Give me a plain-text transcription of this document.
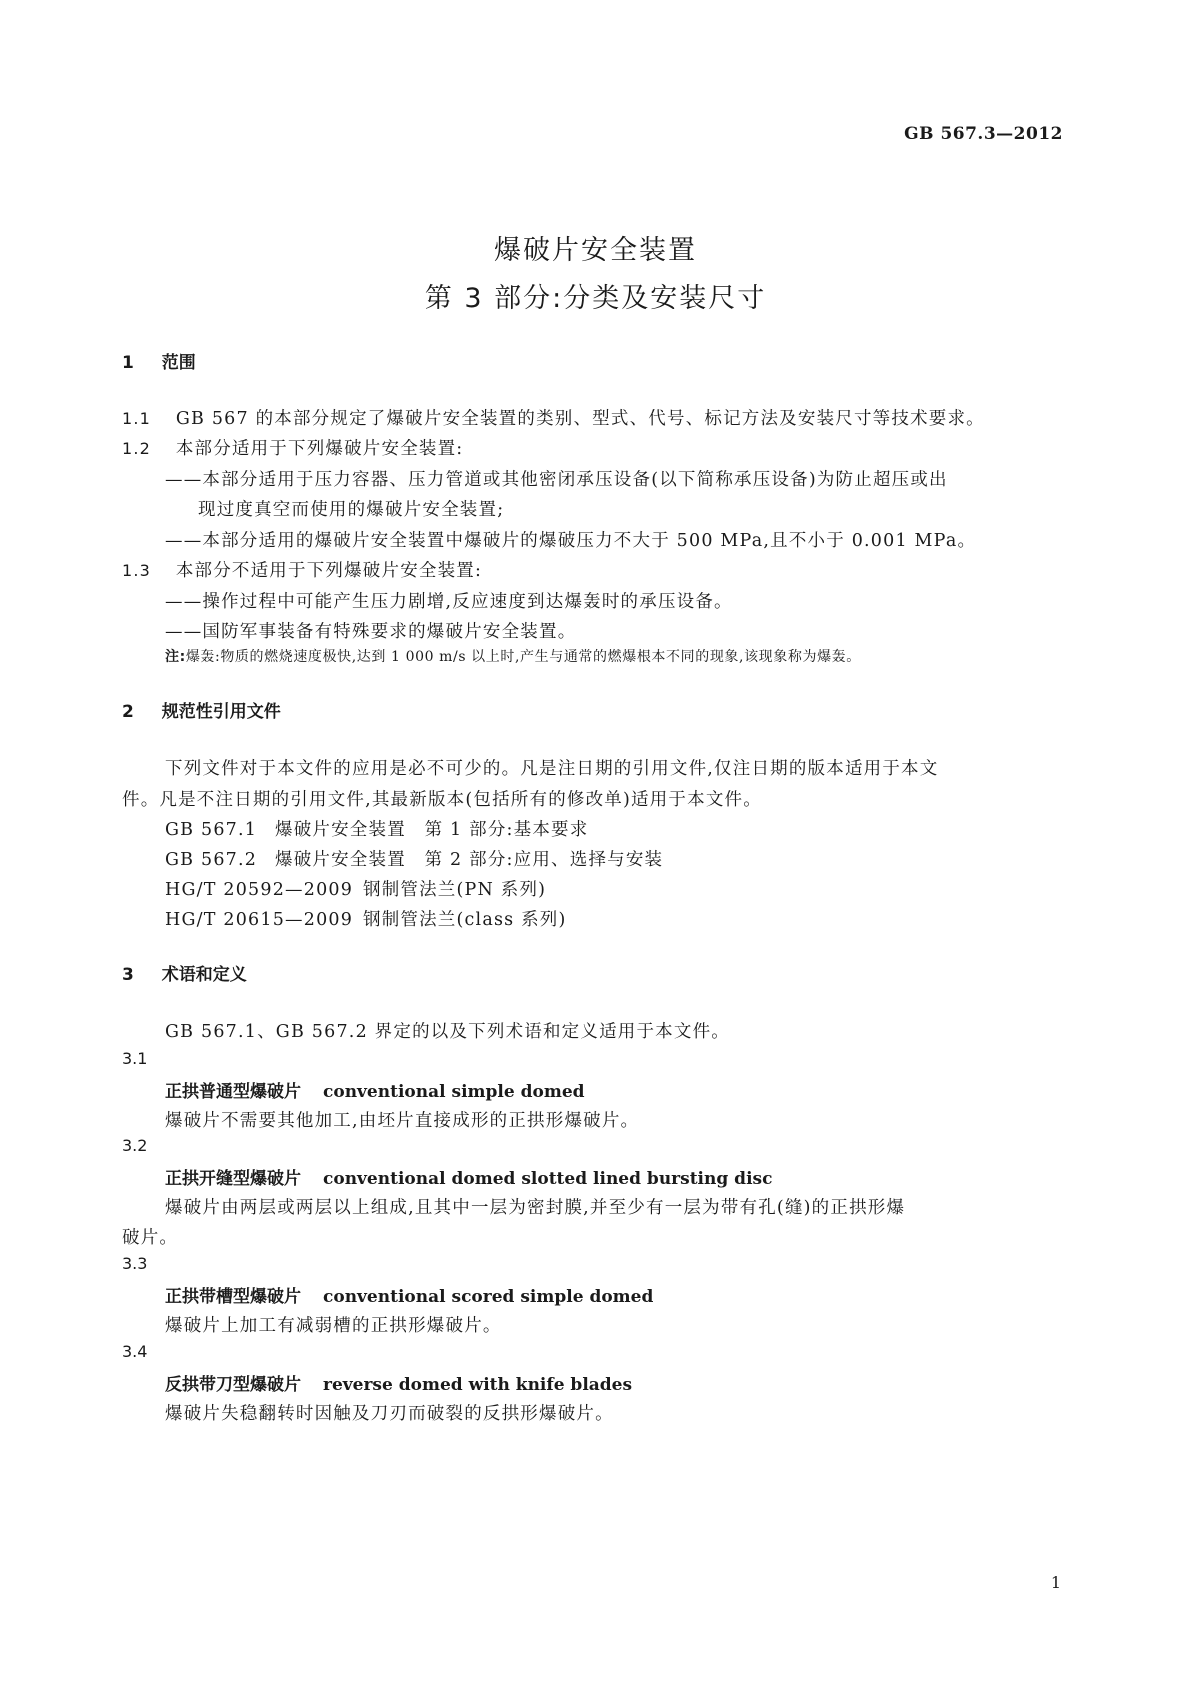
GB 567.3—2012
爆破片安全装置
第 3 部分:分类及安装尺寸
1 范围
1.1 GB 567 的本部分规定了爆破片安全装置的类别、型式、代号、标记方法及安装尺寸等技术要求。
1.2 本部分适用于下列爆破片安全装置:
——本部分适用于压力容器、压力管道或其他密闭承压设备(以下简称承压设备)为防止超压或出
现过度真空而使用的爆破片安全装置;
——本部分适用的爆破片安全装置中爆破片的爆破压力不大于 500 MPa,且不小于 0.001 MPa。
1.3 本部分不适用于下列爆破片安全装置:
——操作过程中可能产生压力剧增,反应速度到达爆轰时的承压设备。
——国防军事装备有特殊要求的爆破片安全装置。
注:爆轰:物质的燃烧速度极快,达到 1 000 m/s 以上时,产生与通常的燃爆根本不同的现象,该现象称为爆轰。
2 规范性引用文件
下列文件对于本文件的应用是必不可少的。凡是注日期的引用文件,仅注日期的版本适用于本文
件。凡是不注日期的引用文件,其最新版本(包括所有的修改单)适用于本文件。
GB 567.1 爆破片安全装置　第 1 部分:基本要求
GB 567.2 爆破片安全装置　第 2 部分:应用、选择与安装
HG/T 20592—2009 钢制管法兰(PN 系列)
HG/T 20615—2009 钢制管法兰(class 系列)
3 术语和定义
GB 567.1、GB 567.2 界定的以及下列术语和定义适用于本文件。
3.1
正拱普通型爆破片 conventional simple domed
爆破片不需要其他加工,由坯片直接成形的正拱形爆破片。
3.2
正拱开缝型爆破片 conventional domed slotted lined bursting disc
爆破片由两层或两层以上组成,且其中一层为密封膜,并至少有一层为带有孔(缝)的正拱形爆
破片。
3.3
正拱带槽型爆破片 conventional scored simple domed
爆破片上加工有减弱槽的正拱形爆破片。
3.4
反拱带刀型爆破片 reverse domed with knife blades
爆破片失稳翻转时因触及刀刃而破裂的反拱形爆破片。
1
